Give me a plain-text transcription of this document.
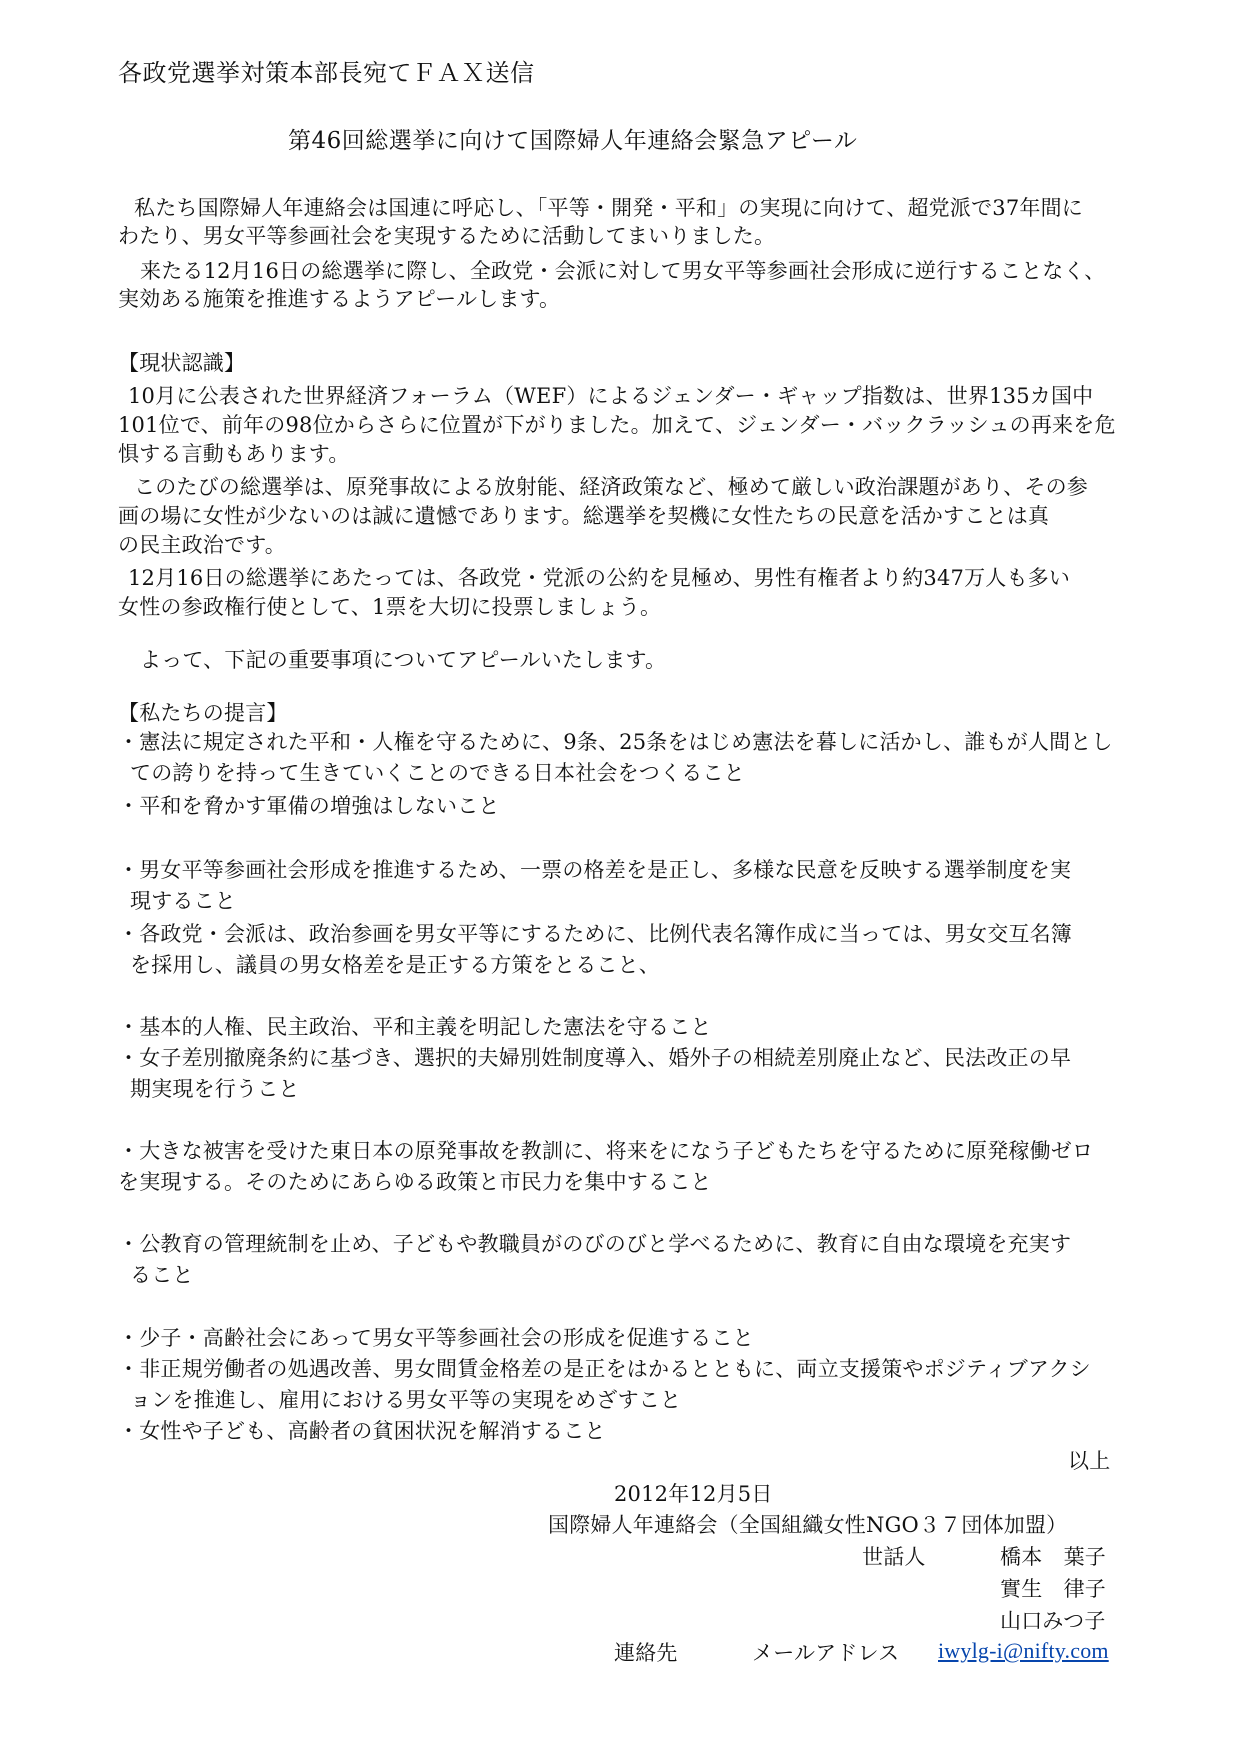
各政党選挙対策本部長宛てＦＡＸ送信
第46回総選挙に向けて国際婦人年連絡会緊急アピール
私たち国際婦人年連絡会は国連に呼応し、「平等・開発・平和」の実現に向けて、超党派で37年間に
わたり、男女平等参画社会を実現するために活動してまいりました。
来たる12月16日の総選挙に際し、全政党・会派に対して男女平等参画社会形成に逆行することなく、
実効ある施策を推進するようアピールします。
【現状認識】
10月に公表された世界経済フォーラム（WEF）によるジェンダー・ギャップ指数は、世界135カ国中
101位で、前年の98位からさらに位置が下がりました。加えて、ジェンダー・バックラッシュの再来を危
惧する言動もあります。
このたびの総選挙は、原発事故による放射能、経済政策など、極めて厳しい政治課題があり、その参
画の場に女性が少ないのは誠に遺憾であります。総選挙を契機に女性たちの民意を活かすことは真
の民主政治です。
12月16日の総選挙にあたっては、各政党・党派の公約を見極め、男性有権者より約347万人も多い
女性の参政権行使として、1票を大切に投票しましょう。
よって、下記の重要事項についてアピールいたします。
【私たちの提言】
・憲法に規定された平和・人権を守るために、9条、25条をはじめ憲法を暮しに活かし、誰もが人間とし
ての誇りを持って生きていくことのできる日本社会をつくること
・平和を脅かす軍備の増強はしないこと
・男女平等参画社会形成を推進するため、一票の格差を是正し、多様な民意を反映する選挙制度を実
現すること
・各政党・会派は、政治参画を男女平等にするために、比例代表名簿作成に当っては、男女交互名簿
を採用し、議員の男女格差を是正する方策をとること、
・基本的人権、民主政治、平和主義を明記した憲法を守ること
・女子差別撤廃条約に基づき、選択的夫婦別姓制度導入、婚外子の相続差別廃止など、民法改正の早
期実現を行うこと
・大きな被害を受けた東日本の原発事故を教訓に、将来をになう子どもたちを守るために原発稼働ゼロ
を実現する。そのためにあらゆる政策と市民力を集中すること
・公教育の管理統制を止め、子どもや教職員がのびのびと学べるために、教育に自由な環境を充実す
ること
・少子・高齢社会にあって男女平等参画社会の形成を促進すること
・非正規労働者の処遇改善、男女間賃金格差の是正をはかるとともに、両立支援策やポジティブアクシ
ョンを推進し、雇用における男女平等の実現をめざすこと
・女性や子ども、高齢者の貧困状況を解消すること
以上
2012年12月5日
国際婦人年連絡会（全国組織女性NGO３７団体加盟）
世話人	橋本　葉子
實生　律子
山口みつ子
連絡先	メールアドレス iwylg-i@nifty.com
